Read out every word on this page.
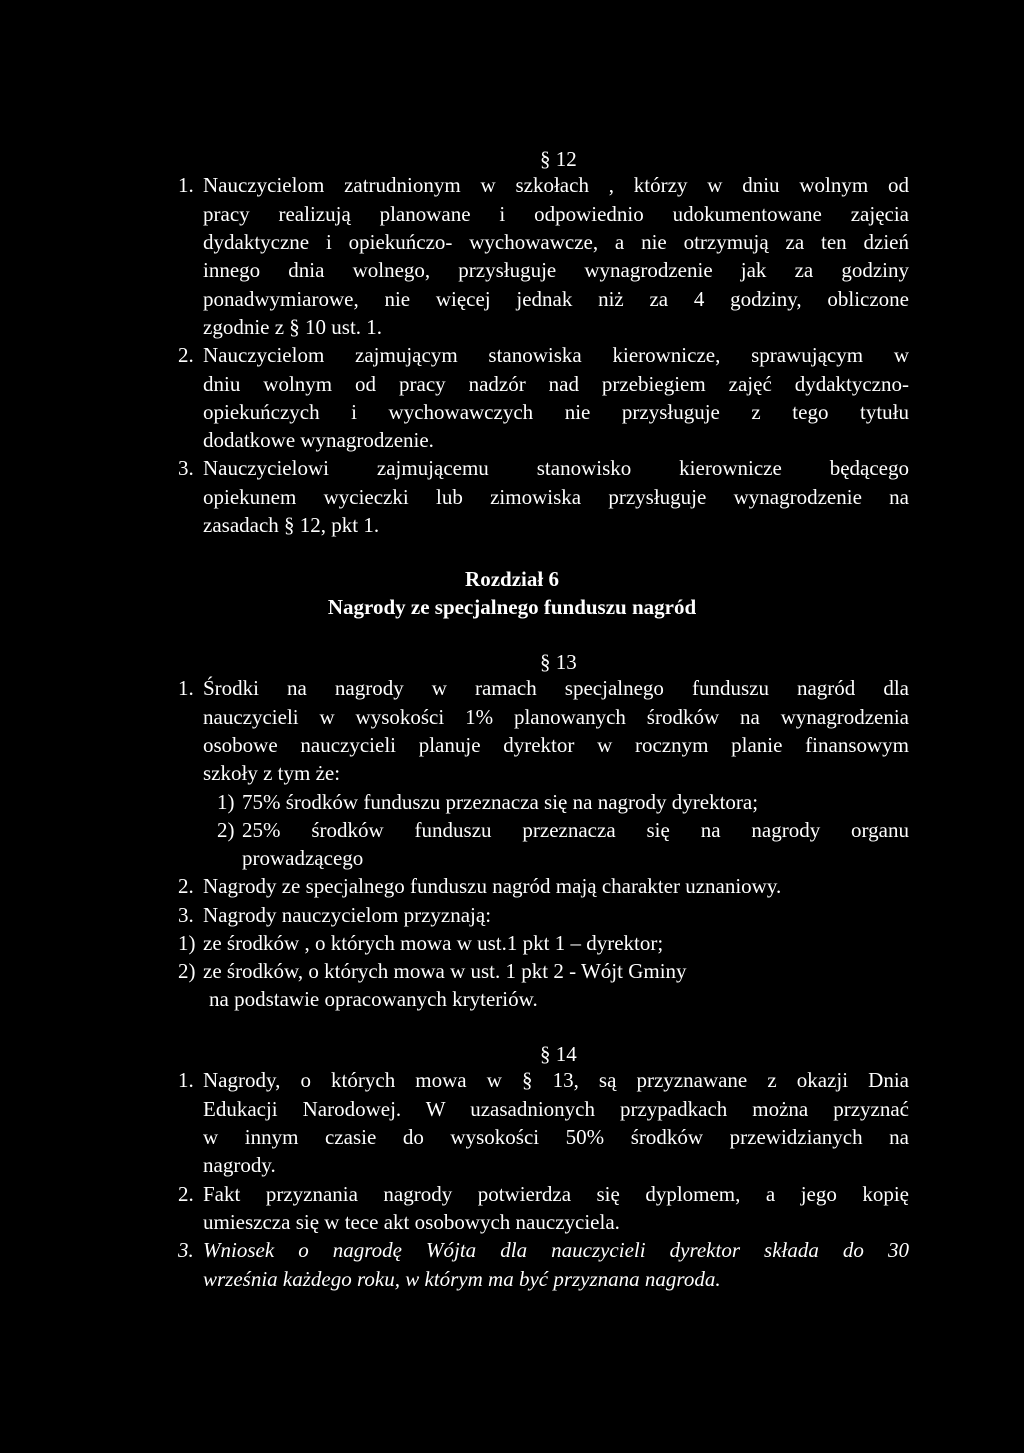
§ 12
1. Nauczycielom zatrudnionym w szkołach , którzy w dniu wolnym od
pracy realizują planowane i odpowiednio udokumentowane zajęcia
dydaktyczne i opiekuńczo- wychowawcze, a nie otrzymują za ten dzień
innego dnia wolnego, przysługuje wynagrodzenie jak za godziny
ponadwymiarowe, nie więcej jednak niż za 4 godziny, obliczone
zgodnie z § 10 ust. 1.
2. Nauczycielom zajmującym stanowiska kierownicze, sprawującym w
dniu wolnym od pracy nadzór nad przebiegiem zajęć dydaktyczno-
opiekuńczych i wychowawczych nie przysługuje z tego tytułu
dodatkowe wynagrodzenie.
3. Nauczycielowi zajmującemu stanowisko kierownicze będącego
opiekunem wycieczki lub zimowiska przysługuje wynagrodzenie na
zasadach § 12, pkt 1.
Rozdział 6
Nagrody ze specjalnego funduszu nagród
§ 13
1. Środki na nagrody w ramach specjalnego funduszu nagród dla
nauczycieli w wysokości 1% planowanych środków na wynagrodzenia
osobowe nauczycieli planuje dyrektor w rocznym planie finansowym
szkoły z tym że:
1) 75% środków funduszu przeznacza się na nagrody dyrektora;
2) 25% środków funduszu przeznacza się na nagrody organu
prowadzącego
2. Nagrody ze specjalnego funduszu nagród mają charakter uznaniowy.
3. Nagrody nauczycielom przyznają:
1) ze środków , o których mowa w ust.1 pkt 1 – dyrektor;
2) ze środków, o których mowa w ust. 1 pkt 2 - Wójt Gminy
na podstawie opracowanych kryteriów.
§ 14
1. Nagrody, o których mowa w § 13, są przyznawane z okazji Dnia
Edukacji Narodowej. W uzasadnionych przypadkach można przyznać
w innym czasie do wysokości 50% środków przewidzianych na
nagrody.
2. Fakt przyznania nagrody potwierdza się dyplomem, a jego kopię
umieszcza się w tece akt osobowych nauczyciela.
3. Wniosek o nagrodę Wójta dla nauczycieli dyrektor składa do 30
września każdego roku, w którym ma być przyznana nagroda.
